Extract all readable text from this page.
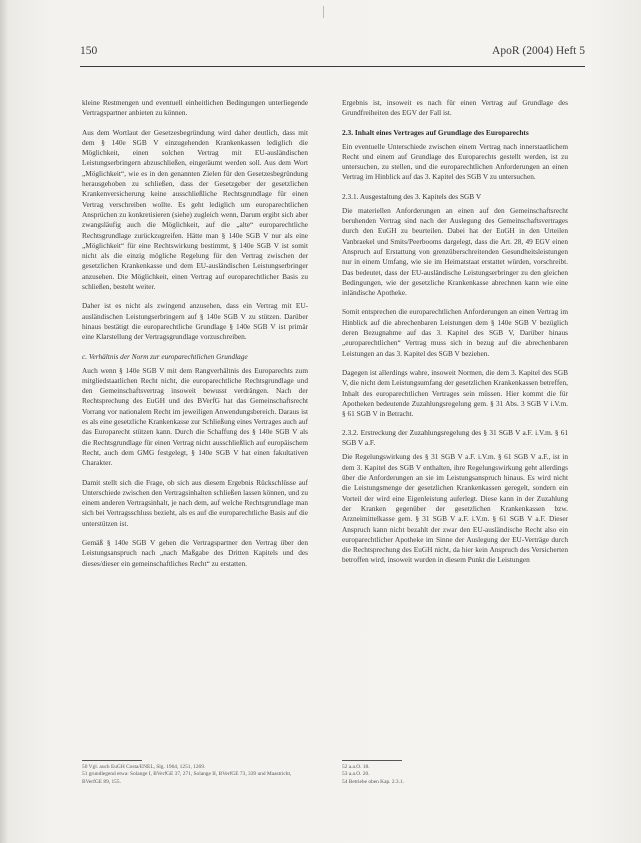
150	ApoR (2004) Heft 5

kleine Restmengen und eventuell einheitlichen Bedingungen unterliegende Vertragspartner anbieten zu können.

Aus dem Wortlaut der Gesetzesbegründung wird daher deutlich, dass mit dem § 140e SGB V einzugehenden Krankenkassen lediglich die Möglichkeit, einen solchen Vertrag mit EU-ausländischen Leistungserbringern abzuschließen, eingeräumt werden soll. Aus dem Wort „Möglichkeit“, wie es in den genannten Zielen für den Gesetzesbegründung herausgehoben zu schließen, dass der Gesetzgeber der gesetzlichen Krankenversicherung keine ausschließliche Rechtsgrundlage für einen Vertrag verschreiben wollte. Es geht lediglich um europarechtlichen Ansprüchen zu konkretisieren (siehe) zugleich wenn, Darum ergibt sich aber zwangsläufig auch die Möglichkeit, auf die „alte“ europarechtliche Rechtsgrundlage zurückzugreifen. Hätte man § 140e SGB V nur als eine „Möglichkeit“ für eine Rechtswirkung bestimmt, § 140e SGB V ist somit nicht als die einzig mögliche Regelung für den Vertrag zwischen der gesetzlichen Krankenkasse und dem EU-ausländischen Leistungserbringer anzusehen. Die Möglichkeit, einen Vertrag auf europarechtlicher Basis zu schließen, besteht weiter.

Daher ist es nicht als zwingend anzusehen, dass ein Vertrag mit EU-ausländischen Leistungserbringern auf § 140e SGB V zu stützen. Darüber hinaus bestätigt die europarechtliche Grundlage § 140e SGB V ist primär eine Klarstellung der Vertragsgrundlage vorzuschreiben.

c. Verhältnis der Norm zur europarechtlichen Grundlage

Auch wenn § 140e SGB V mit dem Rangverhältnis des Europarechts zum mitgliedstaatlichen Recht nicht, die europarechtliche Rechtsgrundlage und den Gemeinschaftsvertrag insoweit bewusst verdrängen. Nach der Rechtsprechung des EuGH und des BVerfG hat das Gemeinschaftsrecht Vorrang vor nationalem Recht im jeweiligen Anwendungsbereich. Daraus ist es als eine gesetzliche Krankenkasse zur Schließung eines Vertrages auch auf das Europarecht stützen kann. Durch die Schaffung des § 140e SGB V als die Rechtsgrundlage für einen Vertrag nicht ausschließlich auf europäischem Recht, auch dem GMG festgelegt, § 140e SGB V hat einen fakultativen Charakter.

Damit stellt sich die Frage, ob sich aus diesem Ergebnis Rückschlüsse auf Unterschiede zwischen den Vertragsinhalten schließen lassen können, und zu einem anderen Vertragsinhalt, je nach dem, auf welche Rechtsgrundlage man sich bei Vertragsschluss bezieht, als es auf die europarechtliche Basis auf die unterstützen ist.

Gemäß § 140e SGB V gehen die Vertragspartner den Vertrag über den Leistungsanspruch nach „nach Maßgabe des Dritten Kapitels und des dieses/dieser ein gemeinschaftliches Recht“ zu erstatten.

Ergebnis ist, insoweit es nach für einen Vertrag auf Grundlage des Grundfreiheiten des EGV der Fall ist.

2.3. Inhalt eines Vertrages auf Grundlage des Europarechts

Ein eventuelle Unterschiede zwischen einem Vertrag nach innerstaatlichem Recht und einem auf Grundlage des Europarechts gestellt werden, ist zu untersuchen, zu stellen, und die europarechtlichen Anforderungen an einen Vertrag im Hinblick auf das 3. Kapitel des SGB V zu untersuchen.

2.3.1. Ausgestaltung des 3. Kapitels des SGB V

Die materiellen Anforderungen an einen auf den Gemeinschaftsrecht beruhenden Vertrag sind nach der Auslegung des Gemeinschaftsvertrages durch den EuGH zu beurteilen. Dabei hat der EuGH in den Urteilen Vanbraekel und Smits/Peerbooms dargelegt, dass die Art. 28, 49 EGV einen Anspruch auf Erstattung von grenzüberschreitenden Gesundheitsleistungen nur in einem Umfang, wie sie im Heimatstaat erstattet würden, vorschreibt. Das bedeutet, dass der EU-ausländische Leistungserbringer zu den gleichen Bedingungen, wie der gesetzliche Krankenkasse abrechnen kann wie eine inländische Apotheke.

Somit entsprechen die europarechtlichen Anforderungen an einen Vertrag im Hinblick auf die abrechenbaren Leistungen dem § 140e SGB V bezüglich deren Bezugnahme auf das 3. Kapitel des SGB V, Darüber hinaus „europarechtlichen“ Vertrag muss sich in bezug auf die abrechenbaren Leistungen an das 3. Kapitel des SGB V beziehen.

Dagegen ist allerdings wahre, insoweit Normen, die dem 3. Kapitel des SGB V, die nicht dem Leistungsumfang der gesetzlichen Krankenkassen betreffen, Inhalt des europarechtlichen Vertrages sein müssen. Hier kommt die für Apotheken bedeutende Zuzahlungsregelung gem. § 31 Abs. 3 SGB V i.V.m. § 61 SGB V in Betracht.

2.3.2. Erstreckung der Zuzahlungsregelung des § 31 SGB V a.F. i.V.m. § 61 SGB V a.F.

Die Regelungswirkung des § 31 SGB V a.F. i.V.m. § 61 SGB V a.F., ist in dem 3. Kapitel des SGB V enthalten, ihre Regelungswirkung geht allerdings über die Anforderungen an sie im Leistungsanspruch hinaus. Es wird nicht die Leistungsmenge der gesetzlichen Krankenkassen geregelt, sondern ein Vorteil der wird eine Eigenleistung auferlegt. Diese kann in der Zuzahlung der Kranken gegenüber der gesetzlichen Krankenkassen bzw. Arzneimittelkasse gem. § 31 SGB V a.F. i.V.m. § 61 SGB V a.F. Dieser Anspruch kann nicht bezahlt der zwar den EU-ausländische Recht also ein europarechtlicher Apotheke im Sinne der Auslegung der EU-Verträge durch die Rechtsprechung des EuGH nicht, da hier kein Anspruch des Versicherten betroffen wird, insoweit wurden in diesem Punkt die Leistungen

50 Vgl. auch EuGH Costa/ENEL, Slg. 1964, 1251, 1269.
51 grundlegend etwa: Solange I, BVerfGE 37, 271, Solange II, BVerfGE 73, 339 und Maastricht, BVerfGE 89, 155.
52 a.a.O. 18.
53 a.a.O. 20.
54 Betriebe oben Kap. 2.3.1.
